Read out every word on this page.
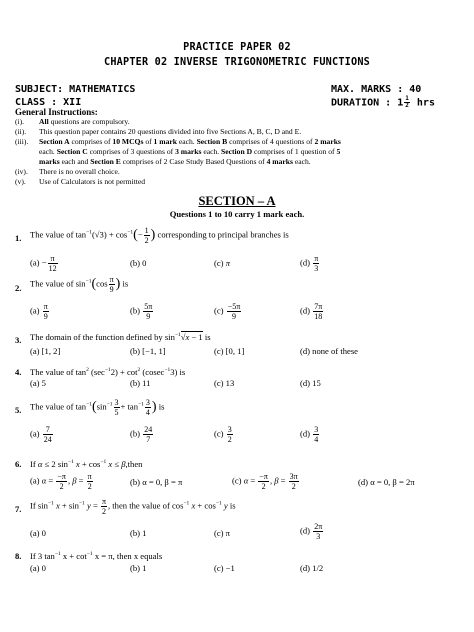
PRACTICE PAPER 02
CHAPTER 02 INVERSE TRIGONOMETRIC FUNCTIONS
SUBJECT: MATHEMATICS	MAX. MARKS : 40
CLASS : XII	DURATION : $1 \frac{1}{2}$ hrs
General Instructions:
(i). All questions are compulsory.
(ii). This question paper contains 20 questions divided into five Sections A, B, C, D and E.
(iii). Section A comprises of 10 MCQs of 1 mark each. Section B comprises of 4 questions of 2 marks
each. Section C comprises of 3 questions of 3 marks each. Section D comprises of 1 question of 5
marks each and Section E comprises of 2 Case Study Based Questions of 4 marks each.
(iv). There is no overall choice.
(v). Use of Calculators is not permitted
SECTION – A
Questions 1 to 10 carry 1 mark each.
1. The value of $\tan^{-1}(√3) + \cos^{-1}(- \frac{1}{2}$ ) corresponding to principal branches is
$(a) - \frac{\pi}{12}$	(b) 0	(c) π	$(d) \frac{\pi}{3}$
2. The value of $\sin^{-1}(\cos \frac{\pi}{9}$ ) is
$(a) \frac{\pi}{9}$	$(b) \frac{5\pi}{9}$	$(c) \frac{-5\pi}{9}$	$(d) \frac{7\pi}{18}$
3. The domain of the function defined by $\sin^{-1}√x - 1$ is
(a) [1, 2]	(b) [−1, 1]	(c) [0, 1]	(d) none of these
4. The value of $\tan^2 (\sec^{-1}2) + \cot^2 (cosec^{-1}3)$ is
(a) 5	(b) 11	(c) 13	(d) 15
5. The value of $\tan^{-1}(\sin^{-1} \frac{3}{5} + \tan^{-1} \frac{3}{4}$ ) is
$(a) \frac{7}{24}$	$(b) \frac{24}{7}$	$(c) \frac{3}{2}$	$(d) \frac{3}{4}$
6. If α ≤ 2 $\sin^{-1} x + \cos^{-1} x$ ≤ β,then
(a) $\alpha = \frac{-\pi}{2}$ , $\beta = \frac{\pi}{2}$	(b) α = 0, β = π	(c) $\alpha = \frac{-\pi}{2}$ , $\beta = \frac{3\pi}{2}$	(d) α = 0, β = 2π
7. If $\sin^{-1} x + \sin^{-1} y = \frac{\pi}{2}$ , then the value of $\cos^{-1} x + \cos^{-1} y$ is
(a) 0	(b) 1	(c) π	$(d) \frac{2\pi}{3}$
8. If 3 $\tan^{-1} x + \cot^{-1} x = \pi$, then x equals
(a) 0	(b) 1	(c) −1	(d) 1/2
